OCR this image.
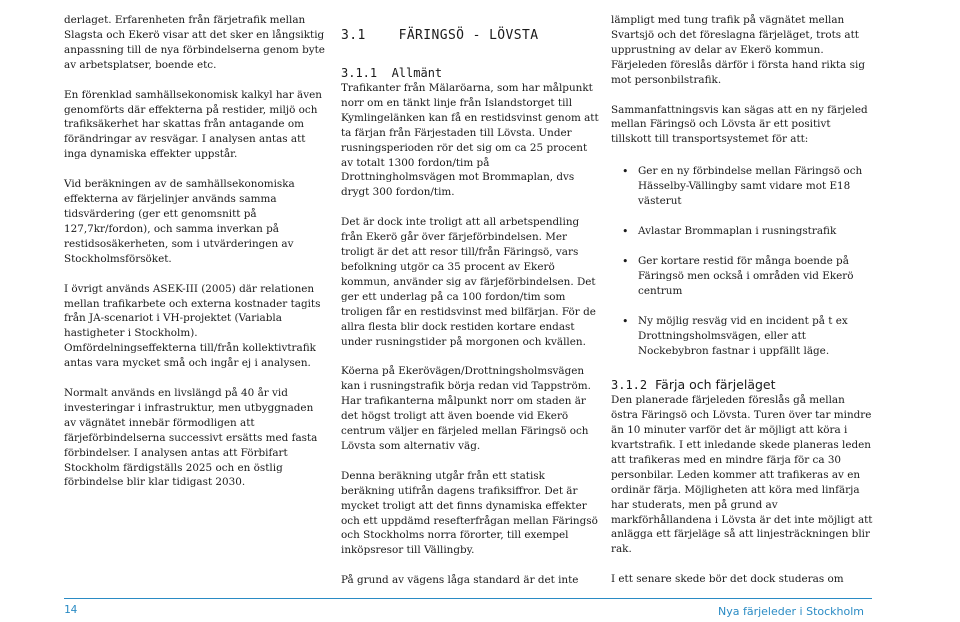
derlaget. Erfarenheten från färjetrafik mellan Slagsta och Ekerö visar att det sker en långsiktig anpassning till de nya förbindelserna genom byte av arbetsplatser, boende etc.

En förenklad samhällsekonomisk kalkyl har även genomförts där effekterna på restider, miljö och trafiksäkerhet har skattas från antagande om förändringar av resvägar. I analysen antas att inga dynamiska effekter uppstår.

Vid beräkningen av de samhällsekonomiska effekterna av färjelinjer används samma tidsvärdering (ger ett genomsnitt på 127,7kr/fordon), och samma inverkan på restidsosäkerheten, som i utvärderingen av Stockholmsförsöket.

I övrigt används ASEK-III (2005) där relationen mellan trafikarbete och externa kostnader tagits från JA-scenariot i VH-projektet (Variabla hastigheter i Stockholm). Omfördelningseffekterna till/från kollektivtrafik antas vara mycket små och ingår ej i analysen.

Normalt används en livslängd på 40 år vid investeringar i infrastruktur, men utbyggnaden av vägnätet innebär förmodligen att färjeförbindelserna successivt ersätts med fasta förbindelser. I analysen antas att Förbifart Stockholm färdigställs 2025 och en östlig förbindelse blir klar tidigast 2030.

3.1    FÄRINGSÖ - LÖVSTA
3.1.1  Allmänt

Trafikanter från Mälaröarna, som har målpunkt norr om en tänkt linje från Islandstorget till Kymlingelänken kan få en restidsvinst genom att ta färjan från Färjestaden till Lövsta. Under rusningsperioden rör det sig om ca 25 procent av totalt 1300 fordon/tim på Drottningholmsvägen mot Brommaplan, dvs drygt 300 fordon/tim.

Det är dock inte troligt att all arbetspendling från Ekerö går över färjeförbindelsen. Mer troligt är det att resor till/från Färingsö, vars befolkning utgör ca 35 procent av Ekerö kommun, använder sig av färjeförbindelsen. Det ger ett underlag på ca 100 fordon/tim som troligen får en restidsvinst med bilfärjan. För de allra flesta blir dock restiden kortare endast under rusningstider på morgonen och kvällen.

Köerna på Ekerövägen/Drottningsholmsvägen kan i rusningstrafik börja redan vid Tappström. Har trafikanterna målpunkt norr om staden är det högst troligt att även boende vid Ekerö centrum väljer en färjeled mellan Färingsö och Lövsta som alternativ väg.

Denna beräkning utgår från ett statisk beräkning utifrån dagens trafiksiffror. Det är mycket troligt att det finns dynamiska effekter och ett uppdämd resefterfrågan mellan Färingsö och Stockholms norra förorter, till exempel inköpsresor till Vällingby.

På grund av vägens låga standard är det inte

lämpligt med tung trafik på vägnätet mellan Svartsjö och det föreslagna färjeläget, trots att upprustning av delar av Ekerö kommun. Färjeleden föreslås därför i första hand rikta sig mot personbilstrafik.

Sammanfattningsvis kan sägas att en ny färjeled mellan Färingsö och Lövsta är ett positivt tillskott till transportsystemet för att:

• Ger en ny förbindelse mellan Färingsö och Hässelby-Vällingby samt vidare mot E18 västerut
• Avlastar Brommaplan i rusningstrafik
• Ger kortare restid för många boende på Färingsö men också i områden vid Ekerö centrum
• Ny möjlig resväg vid en incident på t ex Drottningsholmsvägen, eller att Nockebybron fastnar i uppfällt läge.
3.1.2 Färja och färjeläget

Den planerade färjeleden föreslås gå mellan östra Färingsö och Lövsta. Turen över tar mindre än 10 minuter varför det är möjligt att köra i kvartstrafik. I ett inledande skede planeras leden att trafikeras med en mindre färja för ca 30 personbilar. Leden kommer att trafikeras av en ordinär färja. Möjligheten att köra med linfärja har studerats, men på grund av markförhållandena i Lövsta är det inte möjligt att anlägga ett färjeläge så att linjesträckningen blir rak.

I ett senare skede bör det dock studeras om

14	Nya färjeleder i Stockholm
